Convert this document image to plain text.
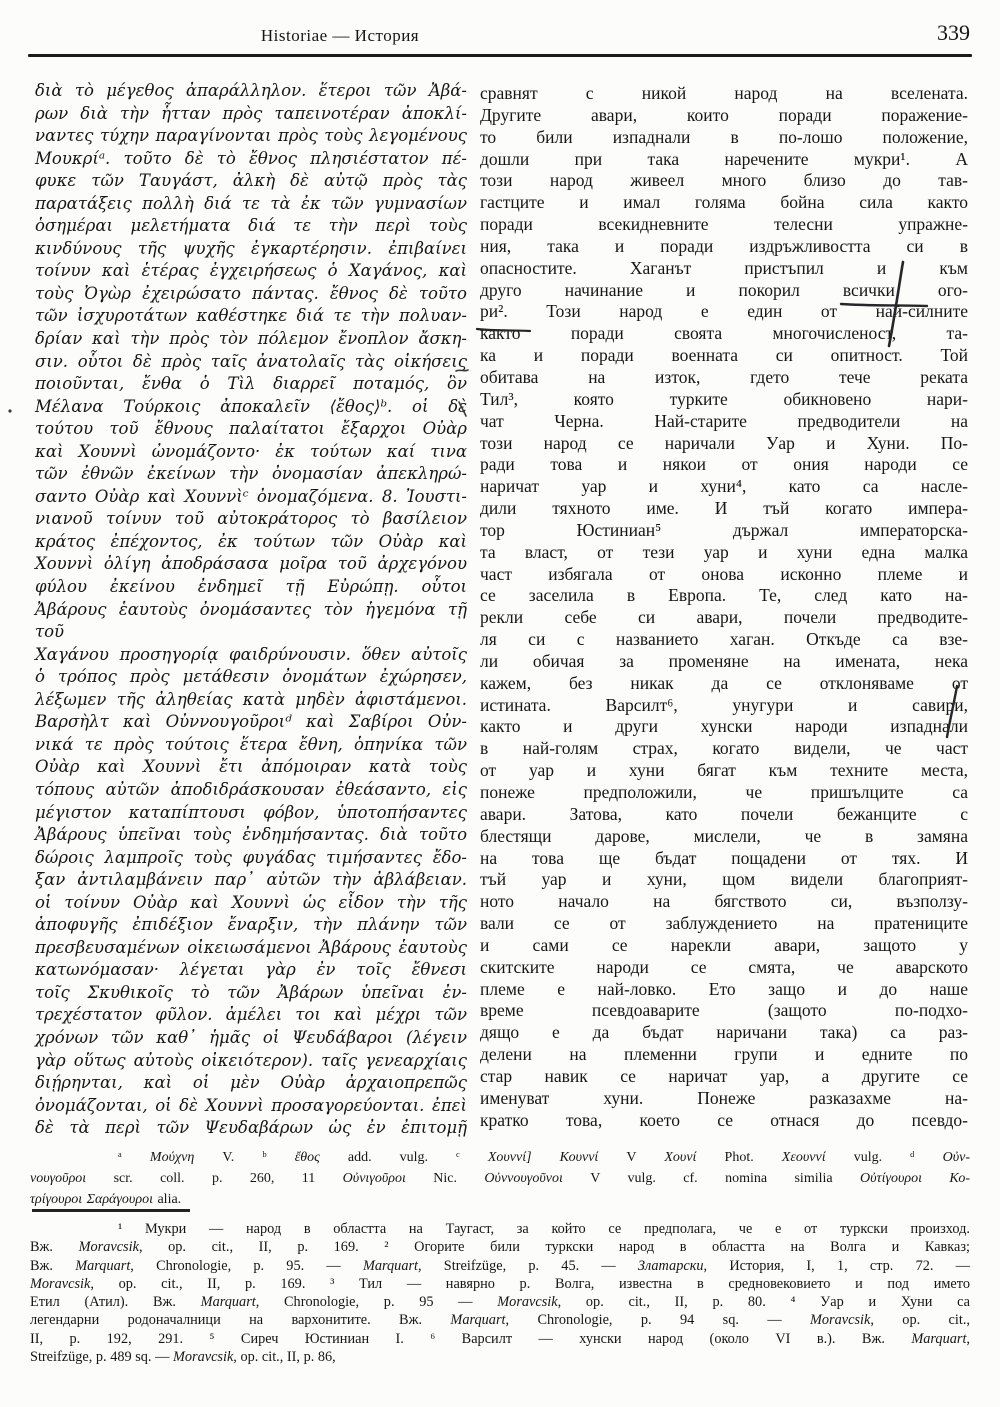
Historiae — История	339
διὰ τὸ μέγεθος ἀπαράλληλον. ἕτεροι τῶν Ἀβά-
ρων διὰ τὴν ἧτταν πρὸς ταπεινοτέραν ἀποκλί-
ναντες τύχην παραγίνονται πρὸς τοὺς λεγομένους
Μουκρίᵃ. τοῦτο δὲ τὸ ἔθνος πλησιέστατον πέ-
φυκε τῶν Ταυγάστ, ἀλκὴ δὲ αὐτῷ πρὸς τὰς
παρατάξεις πολλὴ διά τε τὰ ἐκ τῶν γυμνασίων
ὁσημέραι μελετήματα διά τε τὴν περὶ τοὺς
κινδύνους τῆς ψυχῆς ἐγκαρτέρησιν. ἐπιβαίνει
τοίνυν καὶ ἑτέρας ἐγχειρήσεως ὁ Χαγάνος, καὶ
τοὺς Ὀγὼρ ἐχειρώσατο πάντας. ἔθνος δὲ τοῦτο
τῶν ἰσχυροτάτων καθέστηκε διά τε τὴν πολυαν-
δρίαν καὶ τὴν πρὸς τὸν πόλεμον ἔνοπλον ἄσκη-
σιν. οὗτοι δὲ πρὸς ταῖς ἀνατολαῖς τὰς οἰκήσεις
ποιοῦνται, ἔνθα ὁ Τὶλ διαρρεῖ ποταμός, ὃν
Μέλανα Τούρκοις ἀποκαλεῖν ⟨ἔθος⟩ᵇ. οἱ δὲ
τούτου τοῦ ἔθνους παλαίτατοι ἔξαρχοι Οὐὰρ
καὶ Χουννὶ ὠνομάζοντο· ἐκ τούτων καί τινα
τῶν ἐθνῶν ἐκείνων τὴν ὀνομασίαν ἀπεκληρώ-
σαντο Οὐὰρ καὶ Χουννὶᶜ ὀνομαζόμενα. 8. Ἰουστι-
νιανοῦ τοίνυν τοῦ αὐτοκράτορος τὸ βασίλειον
κράτος ἐπέχοντος, ἐκ τούτων τῶν Οὐὰρ καὶ
Χουννὶ ὀλίγη ἀποδράσασα μοῖρα τοῦ ἀρχεγόνου
φύλου ἐκείνου ἐνδημεῖ τῇ Εὐρώπῃ. οὗτοι
Ἀβάρους ἑαυτοὺς ὀνομάσαντες τὸν ἡγεμόνα τῇ τοῦ
Χαγάνου προσηγορίᾳ φαιδρύνουσιν. ὅθεν αὐτοῖς
ὁ τρόπος πρὸς μετάθεσιν ὀνομάτων ἐχώρησεν,
λέξωμεν τῆς ἀληθείας κατὰ μηδὲν ἀφιστάμενοι.
Βαρσὴλτ καὶ Οὐννουγοῦροιᵈ καὶ Σαβίροι Οὐν-
νικά τε πρὸς τούτοις ἕτερα ἔθνη, ὁπηνίκα τῶν
Οὐὰρ καὶ Χουννὶ ἔτι ἀπόμοιραν κατὰ τοὺς
τόπους αὐτῶν ἀποδιδράσκουσαν ἐθεάσαντο, εἰς
μέγιστον καταπίπτουσι φόβον, ὑποτοπήσαντες
Ἀβάρους ὑπεῖναι τοὺς ἐνδημήσαντας. διὰ τοῦτο
δώροις λαμπροῖς τοὺς φυγάδας τιμήσαντες ἔδο-
ξαν ἀντιλαμβάνειν παρ᾽ αὐτῶν τὴν ἀβλάβειαν.
οἱ τοίνυν Οὐὰρ καὶ Χουννὶ ὡς εἶδον τὴν τῆς
ἀποφυγῆς ἐπιδέξιον ἔναρξιν, τὴν πλάνην τῶν
πρεσβευσαμένων οἰκειωσάμενοι Ἀβάρους ἑαυτοὺς
κατωνόμασαν· λέγεται γὰρ ἐν τοῖς ἔθνεσι
τοῖς Σκυθικοῖς τὸ τῶν Ἀβάρων ὑπεῖναι ἐν-
τρεχέστατον φῦλον. ἀμέλει τοι καὶ μέχρι τῶν
χρόνων τῶν καθ᾽ ἡμᾶς οἱ Ψευδάβαροι (λέγειν
γὰρ οὕτως αὐτοὺς οἰκειότερον). ταῖς γενεαρχίαις
διῄρηνται, καὶ οἱ μὲν Οὐὰρ ἀρχαιοπρεπῶς
ὀνομάζονται, οἱ δὲ Χουννὶ προσαγορεύονται. ἐπεὶ
δὲ τὰ περὶ τῶν Ψευδαβάρων ὡς ἐν ἐπιτομῇ
сравнят с никой народ на вселената.
Другите авари, които поради поражение-
то били изпаднали в по-лошо положение,
дошли при така наречените мукри¹. А
този народ живеел много близо до тав-
гастците и имал голяма бойна сила както
поради всекидневните телесни упражне-
ния, така и поради издръжливостта си в
опасностите. Хаганът пристъпил и към
друго начинание и покорил всички ого-
ри². Този народ е един от най-силните
както поради своята многочисленост, та-
ка и поради военната си опитност. Той
обитава на изток, гдето тече реката
Тил³, която турките обикновено нари-
чат Черна. Най-старите предводители на
този народ се наричали Уар и Хуни. По-
ради това и някои от ония народи се
наричат уар и хуни⁴, като са насле-
дили тяхното име. И тъй когато импера-
тор Юстиниан⁵ държал императорска-
та власт, от тези уар и хуни една малка
част избягала от онова исконно племе и
се заселила в Европа. Те, след като на-
рекли себе си авари, почели предводите-
ля си с названието хаган. Откъде са взе-
ли обичая за променяне на имената, нека
кажем, без никак да се отклоняваме от
истината. Варсилт⁶, унугури и савири,
както и други хунски народи изпаднали
в най-голям страх, когато видели, че част
от уар и хуни бягат към техните места,
понеже предположили, че пришълците са
авари. Затова, като почели бежанците с
блестящи дарове, мислели, че в замяна
на това ще бъдат пощадени от тях. И
тъй уар и хуни, щом видели благоприят-
ното начало на бягството си, възползу-
вали се от заблуждението на пратениците
и сами се нарекли авари, защото у
скитските народи се смята, че аварското
племе е най-ловко. Ето защо и до наше
време псевдоаварите (защото по-подхо-
дящо е да бъдат наричани така) са раз-
делени на племенни групи и едните по
стар навик се наричат уар, а другите се
именуват хуни. Понеже разказахме на-
кратко това, което се отнася до псевдо-
ᵃ Μούχνη V. ᵇ ἔθος add. vulg. ᶜ Χουννί] Κουννί V Χουνί Phot. Χεουννί vulg. ᵈ Οὐν-
νουγοῦροι scr. coll. p. 260, 11 Οὐνιγοῦροι Nic. Οὐννουγοῦνοι V vulg. cf. nomina similia Οὐτίγουροι Κο-
τρίγουροι Σαράγουροι alia.
¹ Мукри — народ в областта на Таугаст, за който се предполага, че е от туркски произход.
Вж. Moravcsik, op. cit., II, p. 169. ² Огорите били туркски народ в областта на Волга и Кавказ;
Вж. Marquart, Chronologie, p. 95. — Marquart, Streifzüge, p. 45. — Златарски, История, I, 1, стр. 72. —
Moravcsik, op. cit., II, p. 169. ³ Тил — навярно р. Волга, известна в средновековието и под името
Етил (Атил). Вж. Marquart, Chronologie, p. 95 — Moravcsik, op. cit., II, p. 80. ⁴ Уар и Хуни са
легендарни родоначалници на вархонитите. Вж. Marquart, Chronologie, p. 94 sq. — Moravcsik, op. cit.,
II, p. 192, 291. ⁵ Сиреч Юстиниан I. ⁶ Варсилт — хунски народ (около VI в.). Вж. Marquart,
Streifzüge, p. 489 sq. — Moravcsik, op. cit., II, p. 86,
